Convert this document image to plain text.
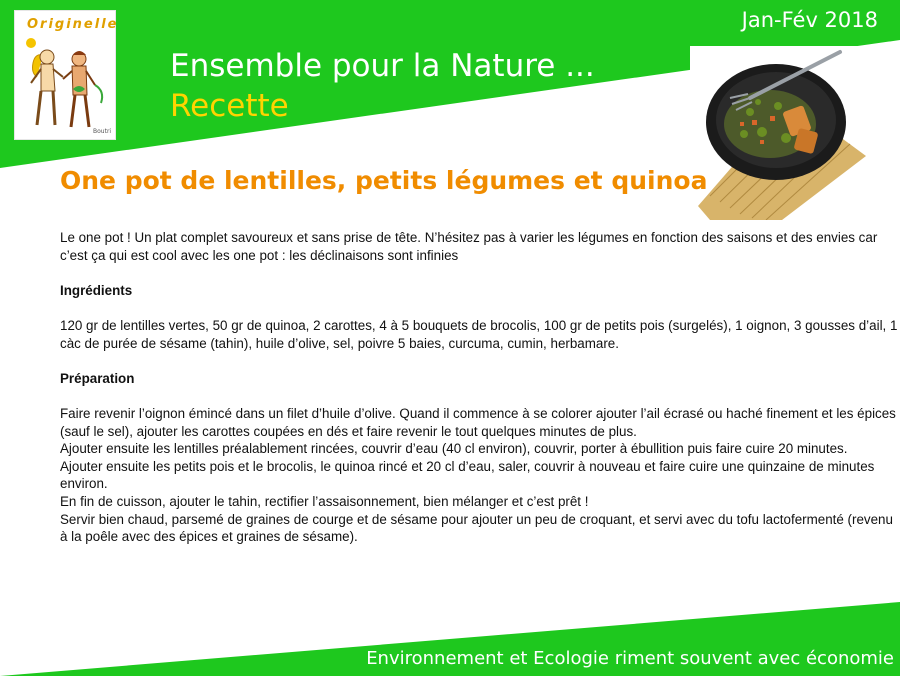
Jan-Fév 2018
Originelle
Boutri
Ensemble pour la Nature ...
Recette
One pot de lentilles, petits légumes et quinoa

Le one pot ! Un plat complet savoureux et sans prise de tête. N’hésitez pas à varier les légumes en fonction des saisons et des envies car c’est ça qui est cool avec les one pot : les déclinaisons sont infinies

Ingrédients

120 gr de lentilles vertes, 50 gr de quinoa, 2 carottes, 4 à 5 bouquets de brocolis, 100 gr de petits pois (surgelés), 1 oignon, 3 gousses d’ail, 1 càc de purée de sésame (tahin), huile d’olive, sel, poivre 5 baies, curcuma, cumin, herbamare.

Préparation

Faire revenir l’oignon émincé dans un filet d’huile d’olive. Quand il commence à se colorer ajouter l’ail écrasé ou haché finement et les épices (sauf le sel), ajouter les carottes coupées en dés et faire revenir le tout quelques minutes de plus.
Ajouter ensuite les lentilles préalablement rincées, couvrir d’eau (40 cl environ), couvrir, porter à ébullition puis faire cuire 20 minutes.
Ajouter ensuite les petits pois et le brocolis, le quinoa rincé et 20 cl d’eau, saler, couvrir à nouveau et faire cuire une quinzaine de minutes environ.
En fin de cuisson, ajouter le tahin, rectifier l’assaisonnement, bien mélanger et c’est prêt !
Servir bien chaud, parsemé de graines de courge et de sésame pour ajouter un peu de croquant, et servi avec du tofu lactofermenté (revenu à la poêle avec des épices et graines de sésame).
Environnement et Ecologie riment souvent avec économie
